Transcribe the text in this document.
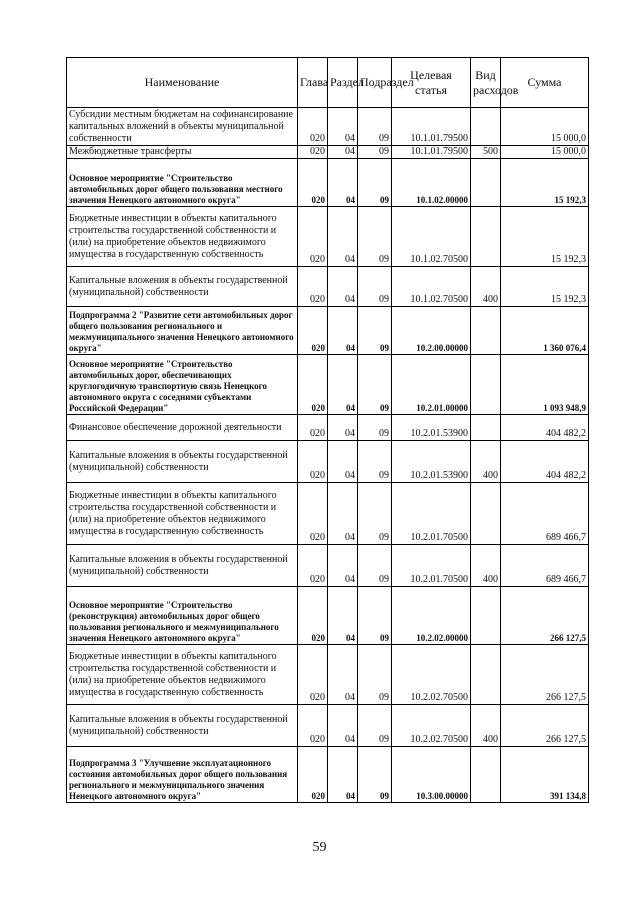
Наименование	Глава	Раздел	Подраздел	Целевая статья	Вид расходов	Сумма
Субсидии местным бюджетам на софинансирование капитальных вложений в объекты муниципальной собственности	020	04	09	10.1.01.79500		15 000,0
Межбюджетные трансферты	020	04	09	10.1.01.79500	500	15 000,0
Основное мероприятие "Строительство автомобильных дорог общего пользования местного значения Ненецкого автономного округа"	020	04	09	10.1.02.00000		15 192,3
Бюджетные инвестиции в объекты капитального строительства государственной собственности и (или) на приобретение объектов недвижимого имущества в государственную собственность	020	04	09	10.1.02.70500		15 192,3
Капитальные вложения в объекты государственной (муниципальной) собственности	020	04	09	10.1.02.70500	400	15 192,3
Подпрограмма 2 "Развитие сети автомобильных дорог общего пользования регионального и межмуниципального значения Ненецкого автономного округа"	020	04	09	10.2.00.00000		1 360 076,4
Основное мероприятие "Строительство автомобильных дорог, обеспечивающих круглогодичную транспортную связь Ненецкого автономного округа с соседними субъектами Российской Федерации"	020	04	09	10.2.01.00000		1 093 948,9
Финансовое обеспечение дорожной деятельности	020	04	09	10.2.01.53900		404 482,2
Капитальные вложения в объекты государственной (муниципальной) собственности	020	04	09	10.2.01.53900	400	404 482,2
Бюджетные инвестиции в объекты капитального строительства государственной собственности и (или) на приобретение объектов недвижимого имущества в государственную собственность	020	04	09	10.2.01.70500		689 466,7
Капитальные вложения в объекты государственной (муниципальной) собственности	020	04	09	10.2.01.70500	400	689 466,7
Основное мероприятие "Строительство (реконструкция) автомобильных дорог общего пользования регионального и межмуниципального значения Ненецкого автономного округа"	020	04	09	10.2.02.00000		266 127,5
Бюджетные инвестиции в объекты капитального строительства государственной собственности и (или) на приобретение объектов недвижимого имущества в государственную собственность	020	04	09	10.2.02.70500		266 127,5
Капитальные вложения в объекты государственной (муниципальной) собственности	020	04	09	10.2.02.70500	400	266 127,5
Подпрограмма 3 "Улучшение эксплуатационного состояния автомобильных дорог общего пользования регионального и межмуниципального значения Ненецкого автономного округа"	020	04	09	10.3.00.00000		391 134,8
59
